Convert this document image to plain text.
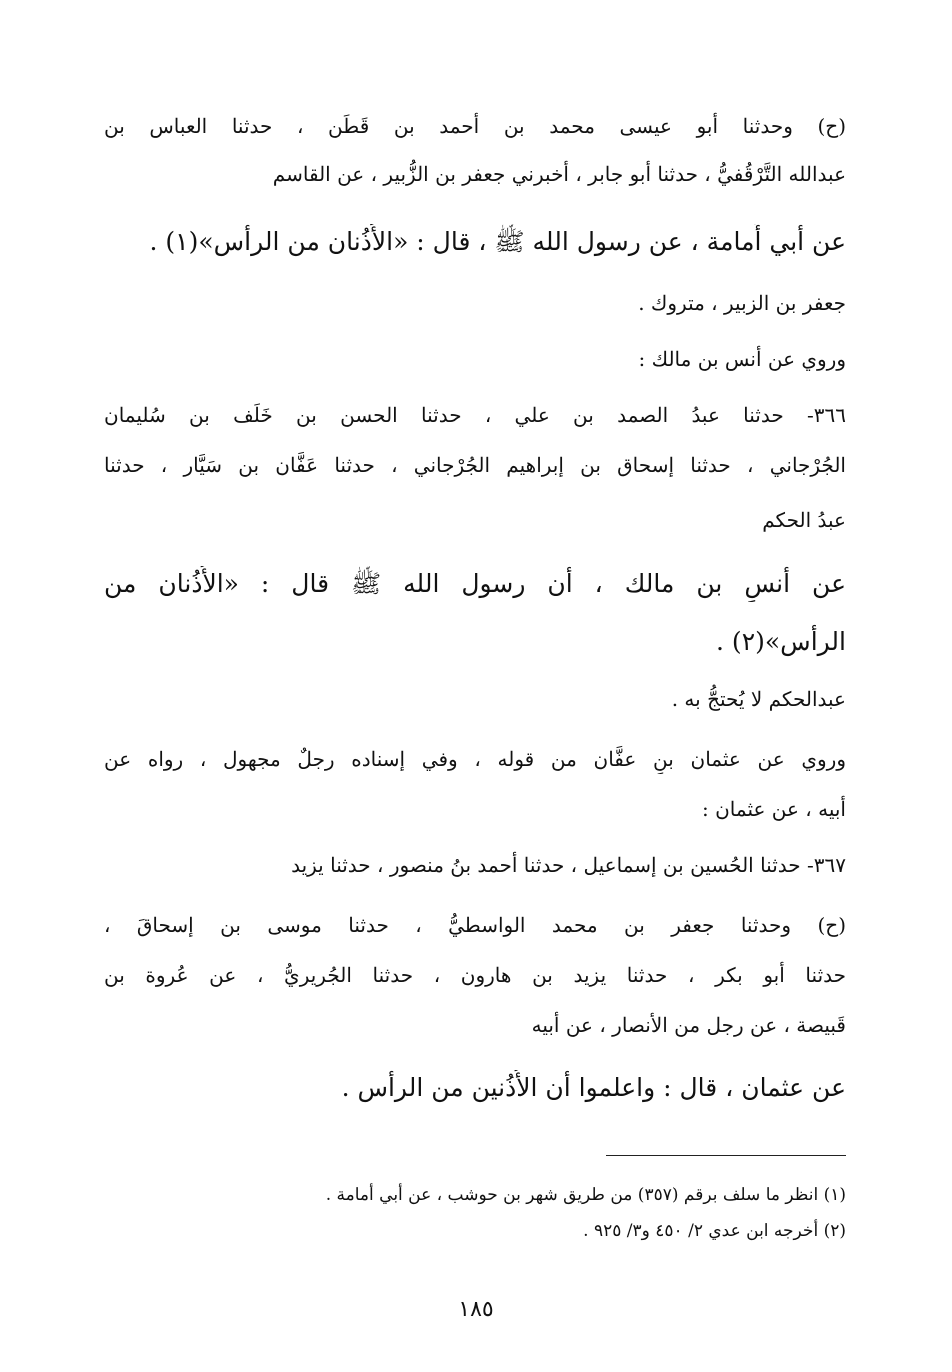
(ح) وحدثنا أبو عيسى محمد بن أحمد بن قَطَن ، حدثنا العباس بن
عبدالله التَّرْقُفيُّ ، حدثنا أبو جابر ، أخبرني جعفر بن الزُّبير ، عن القاسم
عن أبي أُمامة ، عن رسول الله ﷺ ، قال : «الأُذُنان من الرأس»(١) .
جعفر بن الزبير ، متروك .
وروي عن أنس بن مالك :
٣٦٦- حدثنا عبدُ الصمد بن علي ، حدثنا الحسن بن خَلَف بن سُليمان
الجُرْجاني ، حدثنا إسحاق بن إبراهيم الجُرْجاني ، حدثنا عَفَّان بن سَيَّار ، حدثنا
عبدُ الحكم
عن أنسِ بن مالك ، أن رسول الله ﷺ قال : «الأُذُنان من
الرأس»(٢) .
عبدالحكم لا يُحتجُّ به .
وروي عن عثمان بنِ عفَّان من قوله ، وفي إسناده رجلٌ مجهول ، رواه عن
أبيه ، عن عثمان :
٣٦٧- حدثنا الحُسين بن إسماعيل ، حدثنا أحمد بنُ منصور ، حدثنا يزيد
(ح) وحدثنا جعفر بن محمد الواسطيُّ ، حدثنا موسى بن إسحاقَ ،
حدثنا أبو بكر ، حدثنا يزيد بن هارون ، حدثنا الجُريريُّ ، عن عُروة بن
قَبيصة ، عن رجل من الأنصار ، عن أبيه
عن عثمان ، قال : واعلموا أن الأُذُنين من الرأس .
(١) انظر ما سلف برقم (٣٥٧) من طريق شهر بن حوشب ، عن أبي أمامة .
(٢) أخرجه ابن عدي ٢/ ٤٥٠ و٣/ ٩٢٥ .
١٨٥
